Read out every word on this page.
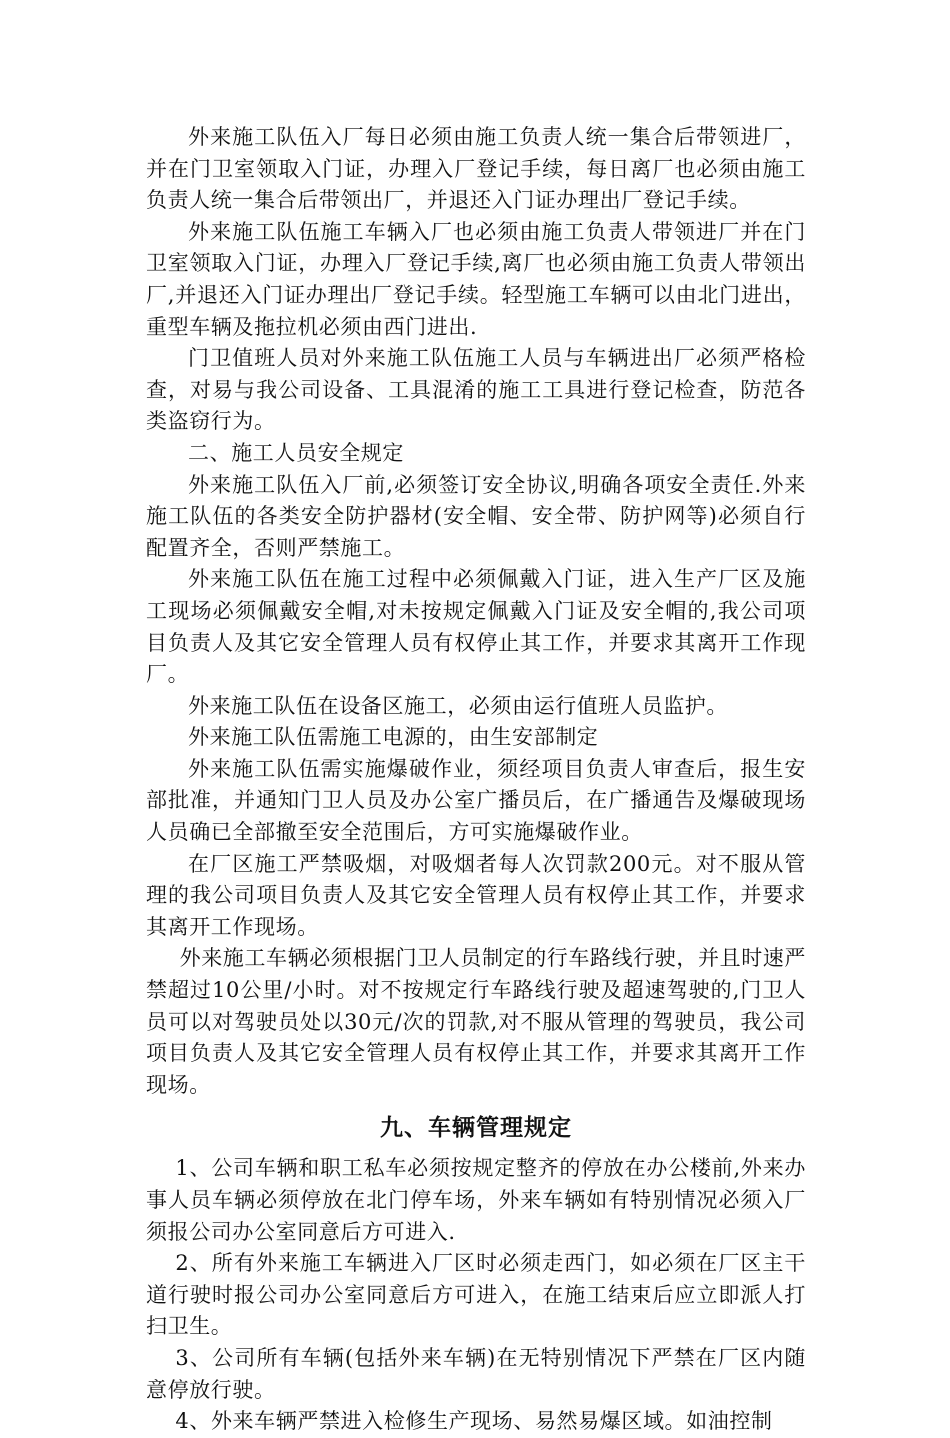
外来施工队伍入厂每日必须由施工负责人统一集合后带领进厂，并在门卫室领取入门证，办理入厂登记手续，每日离厂也必须由施工负责人统一集合后带领出厂，并退还入门证办理出厂登记手续。

外来施工队伍施工车辆入厂也必须由施工负责人带领进厂并在门卫室领取入门证，办理入厂登记手续,离厂也必须由施工负责人带领出厂,并退还入门证办理出厂登记手续。轻型施工车辆可以由北门进出，重型车辆及拖拉机必须由西门进出.

门卫值班人员对外来施工队伍施工人员与车辆进出厂必须严格检查，对易与我公司设备、工具混淆的施工工具进行登记检查，防范各类盗窃行为。

二、施工人员安全规定

外来施工队伍入厂前,必须签订安全协议,明确各项安全责任.外来施工队伍的各类安全防护器材(安全帽、安全带、防护网等)必须自行配置齐全，否则严禁施工。

外来施工队伍在施工过程中必须佩戴入门证，进入生产厂区及施工现场必须佩戴安全帽,对未按规定佩戴入门证及安全帽的,我公司项目负责人及其它安全管理人员有权停止其工作，并要求其离开工作现厂。

外来施工队伍在设备区施工，必须由运行值班人员监护。

外来施工队伍需施工电源的，由生安部制定

外来施工队伍需实施爆破作业，须经项目负责人审查后，报生安部批准，并通知门卫人员及办公室广播员后，在广播通告及爆破现场人员确已全部撤至安全范围后，方可实施爆破作业。

在厂区施工严禁吸烟，对吸烟者每人次罚款200元。对不服从管理的我公司项目负责人及其它安全管理人员有权停止其工作，并要求其离开工作现场。

外来施工车辆必须根据门卫人员制定的行车路线行驶，并且时速严禁超过10公里/小时。对不按规定行车路线行驶及超速驾驶的,门卫人员可以对驾驶员处以30元/次的罚款,对不服从管理的驾驶员，我公司项目负责人及其它安全管理人员有权停止其工作，并要求其离开工作现场。

九、车辆管理规定

1、公司车辆和职工私车必须按规定整齐的停放在办公楼前,外来办事人员车辆必须停放在北门停车场，外来车辆如有特别情况必须入厂须报公司办公室同意后方可进入.

2、所有外来施工车辆进入厂区时必须走西门，如必须在厂区主干道行驶时报公司办公室同意后方可进入，在施工结束后应立即派人打扫卫生。

3、公司所有车辆(包括外来车辆)在无特别情况下严禁在厂区内随意停放行驶。

4、外来车辆严禁进入检修生产现场、易然易爆区域。如油控制
